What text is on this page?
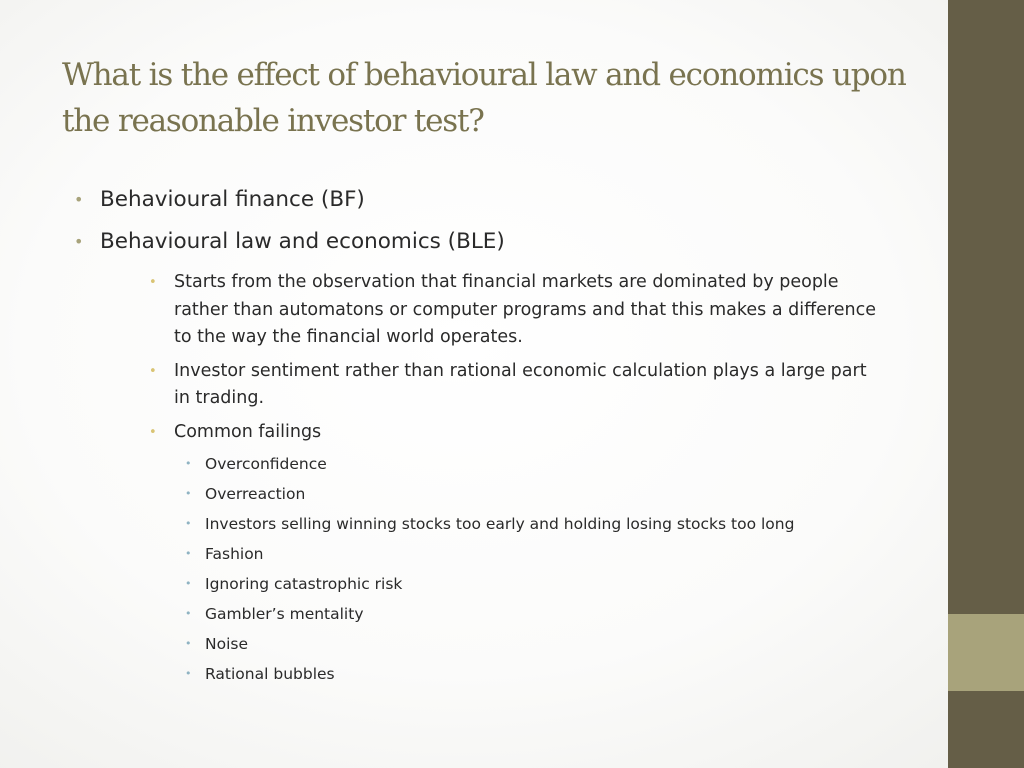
What is the effect of behavioural law and economics upon the reasonable investor test?
• Behavioural finance (BF)
• Behavioural law and economics (BLE)
• Starts from the observation that financial markets are dominated by people rather than automatons or computer programs and that this makes a difference to the way the financial world operates.
• Investor sentiment rather than rational economic calculation plays a large part in trading.
• Common failings
• Overconfidence
• Overreaction
• Investors selling winning stocks too early and holding losing stocks too long
• Fashion
• Ignoring catastrophic risk
• Gambler’s mentality
• Noise
• Rational bubbles
